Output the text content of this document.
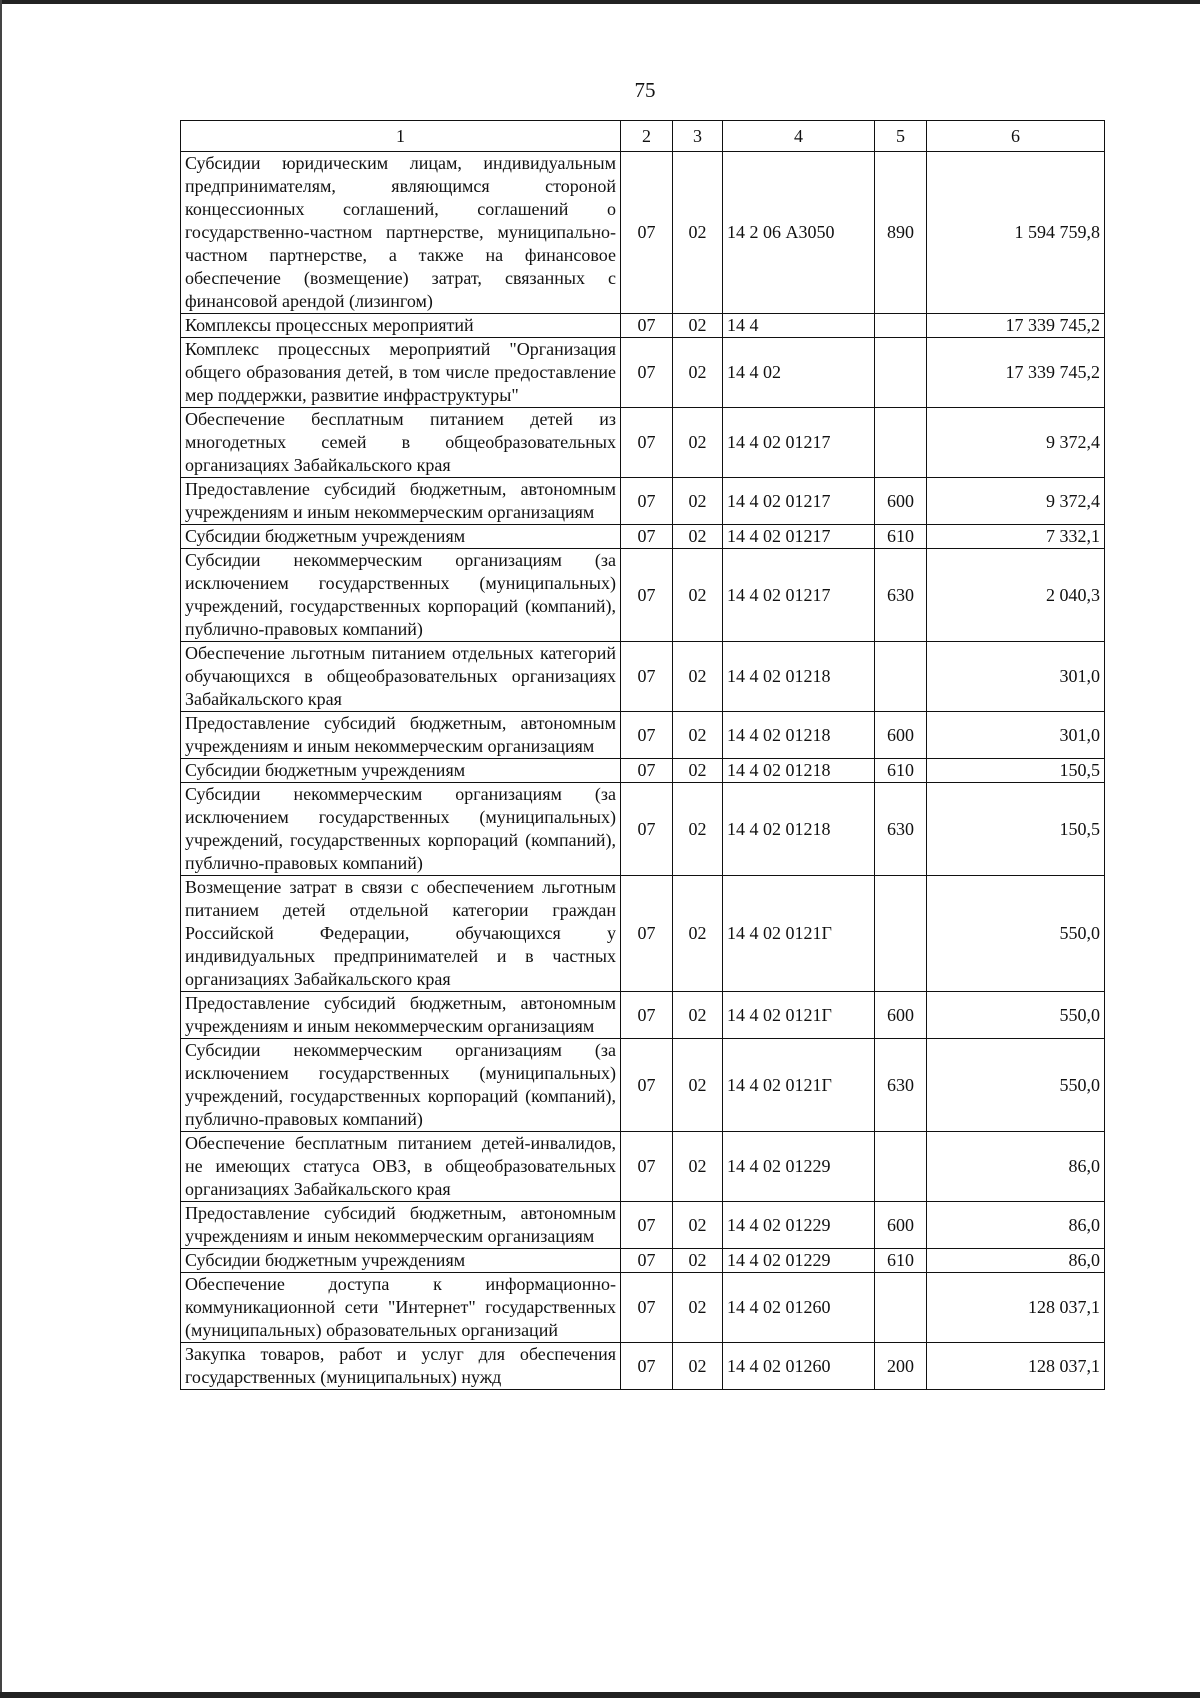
75
1	2	3	4	5	6
Субсидии юридическим лицам, индивидуальным предпринимателям, являющимся стороной концессионных соглашений, соглашений о государственно-частном партнерстве, муниципально-частном партнерстве, а также на финансовое обеспечение (возмещение) затрат, связанных с финансовой арендой (лизингом)	07	02	14 2 06 А3050	890	1 594 759,8
Комплексы процессных мероприятий	07	02	14 4		17 339 745,2
Комплекс процессных мероприятий "Организация общего образования детей, в том числе предоставление мер поддержки, развитие инфраструктуры"	07	02	14 4 02		17 339 745,2
Обеспечение бесплатным питанием детей из многодетных семей в общеобразовательных организациях Забайкальского края	07	02	14 4 02 01217		9 372,4
Предоставление субсидий бюджетным, автономным учреждениям и иным некоммерческим организациям	07	02	14 4 02 01217	600	9 372,4
Субсидии бюджетным учреждениям	07	02	14 4 02 01217	610	7 332,1
Субсидии некоммерческим организациям (за исключением государственных (муниципальных) учреждений, государственных корпораций (компаний), публично-правовых компаний)	07	02	14 4 02 01217	630	2 040,3
Обеспечение льготным питанием отдельных категорий обучающихся в общеобразовательных организациях Забайкальского края	07	02	14 4 02 01218		301,0
Предоставление субсидий бюджетным, автономным учреждениям и иным некоммерческим организациям	07	02	14 4 02 01218	600	301,0
Субсидии бюджетным учреждениям	07	02	14 4 02 01218	610	150,5
Субсидии некоммерческим организациям (за исключением государственных (муниципальных) учреждений, государственных корпораций (компаний), публично-правовых компаний)	07	02	14 4 02 01218	630	150,5
Возмещение затрат в связи с обеспечением льготным питанием детей отдельной категории граждан Российской Федерации, обучающихся у индивидуальных предпринимателей и в частных организациях Забайкальского края	07	02	14 4 02 0121Г		550,0
Предоставление субсидий бюджетным, автономным учреждениям и иным некоммерческим организациям	07	02	14 4 02 0121Г	600	550,0
Субсидии некоммерческим организациям (за исключением государственных (муниципальных) учреждений, государственных корпораций (компаний), публично-правовых компаний)	07	02	14 4 02 0121Г	630	550,0
Обеспечение бесплатным питанием детей-инвалидов, не имеющих статуса ОВЗ, в общеобразовательных организациях Забайкальского края	07	02	14 4 02 01229		86,0
Предоставление субсидий бюджетным, автономным учреждениям и иным некоммерческим организациям	07	02	14 4 02 01229	600	86,0
Субсидии бюджетным учреждениям	07	02	14 4 02 01229	610	86,0
Обеспечение доступа к информационно-коммуникационной сети "Интернет" государственных (муниципальных) образовательных организаций	07	02	14 4 02 01260		128 037,1
Закупка товаров, работ и услуг для обеспечения государственных (муниципальных) нужд	07	02	14 4 02 01260	200	128 037,1
